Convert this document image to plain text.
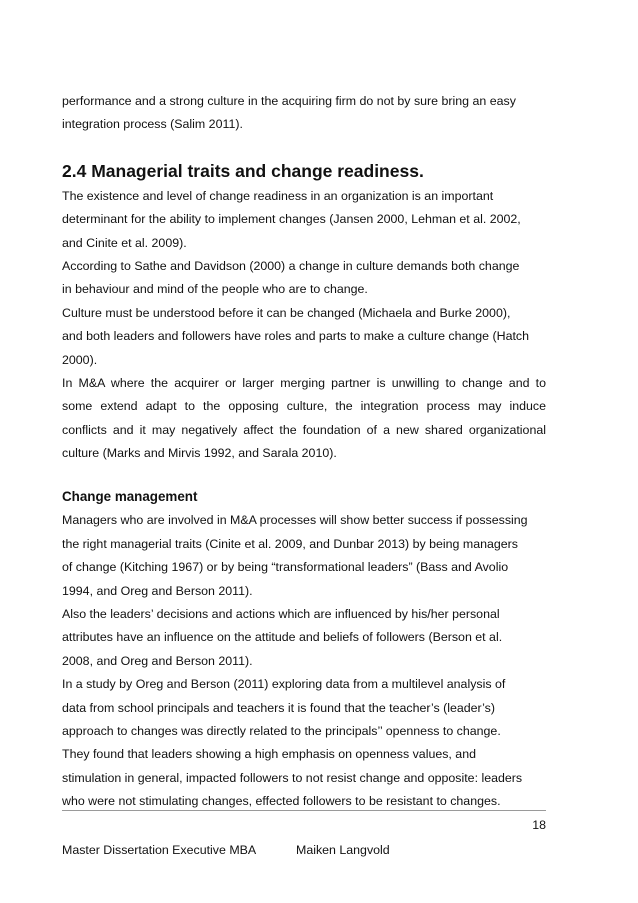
performance and a strong culture in the acquiring firm do not by sure bring an easy
integration process (Salim 2011).
2.4 Managerial traits and change readiness.
The existence and level of change readiness in an organization is an important
determinant for the ability to implement changes (Jansen 2000, Lehman et al. 2002,
and Cinite et al. 2009).
According to Sathe and Davidson (2000) a change in culture demands both change
in behaviour and mind of the people who are to change.
Culture must be understood before it can be changed (Michaela and Burke 2000),
and both leaders and followers have roles and parts to make a culture change (Hatch
2000).
In M&A where the acquirer or larger merging partner is unwilling to change and to
some extend adapt to the opposing culture, the integration process may induce
conflicts and it may negatively affect the foundation of a new shared organizational
culture (Marks and Mirvis 1992, and Sarala 2010).
Change management
Managers who are involved in M&A processes will show better success if possessing
the right managerial traits (Cinite et al. 2009, and Dunbar 2013) by being managers
of change (Kitching 1967) or by being “transformational leaders” (Bass and Avolio
1994, and Oreg and Berson 2011).
Also the leaders’ decisions and actions which are influenced by his/her personal
attributes have an influence on the attitude and beliefs of followers (Berson et al.
2008, and Oreg and Berson 2011).
In a study by Oreg and Berson (2011) exploring data from a multilevel analysis of
data from school principals and teachers it is found that the teacher’s (leader’s)
approach to changes was directly related to the principals’’ openness to change.
They found that leaders showing a high emphasis on openness values, and
stimulation in general, impacted followers to not resist change and opposite: leaders
who were not stimulating changes, effected followers to be resistant to changes.
18
Master Dissertation Executive MBA	Maiken Langvold
